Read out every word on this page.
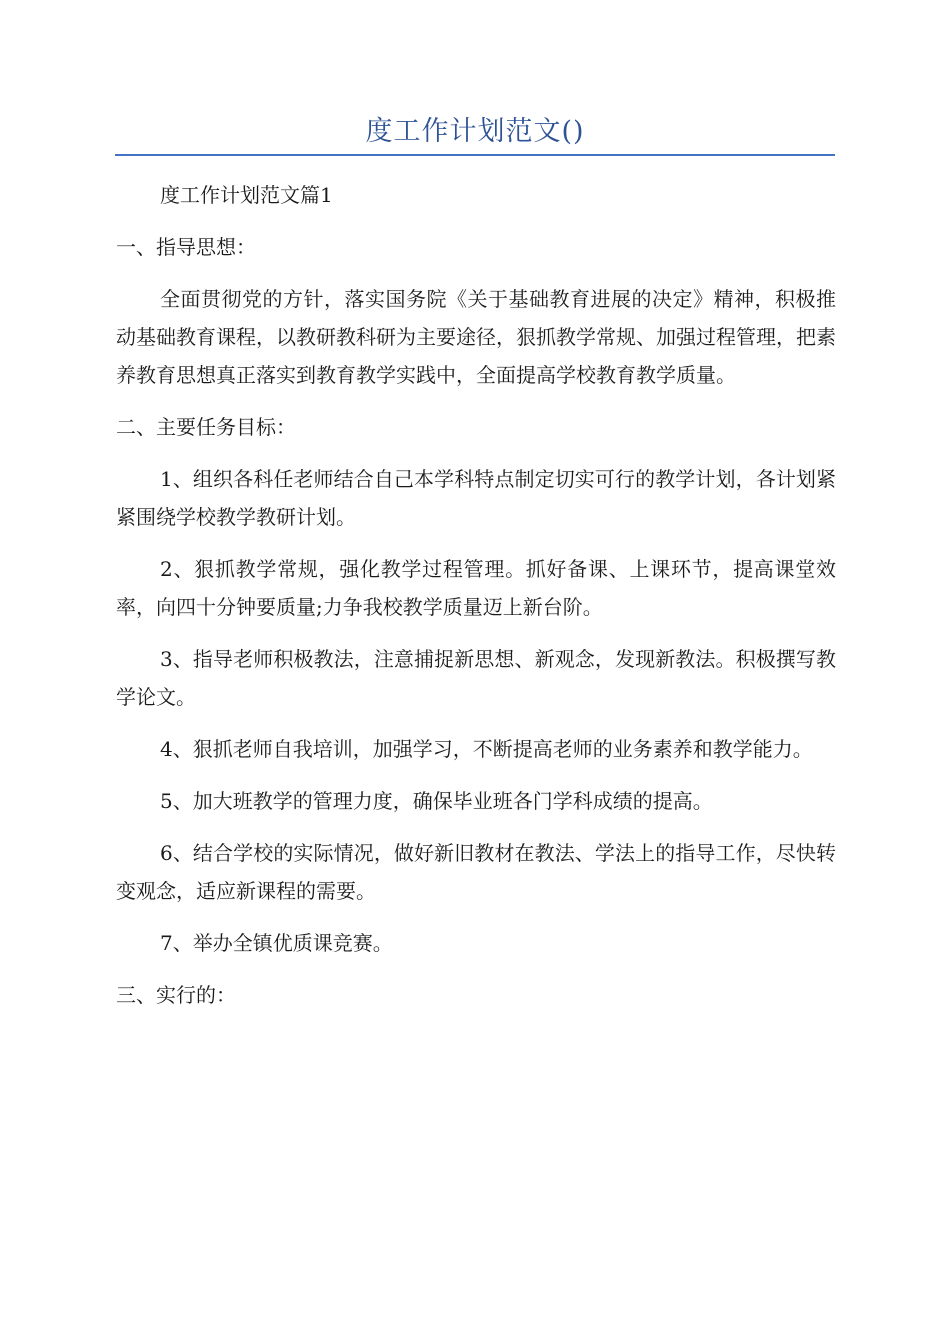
度工作计划范文()

度工作计划范文篇1

一、指导思想：

全面贯彻党的方针，落实国务院《关于基础教育进展的决定》精神，积极推动基础教育课程，以教研教科研为主要途径，狠抓教学常规、加强过程管理，把素养教育思想真正落实到教育教学实践中，全面提高学校教育教学质量。

二、主要任务目标：

1、组织各科任老师结合自己本学科特点制定切实可行的教学计划，各计划紧紧围绕学校教学教研计划。

2、狠抓教学常规，强化教学过程管理。抓好备课、上课环节，提高课堂效率，向四十分钟要质量;力争我校教学质量迈上新台阶。

3、指导老师积极教法，注意捕捉新思想、新观念，发现新教法。积极撰写教学论文。

4、狠抓老师自我培训，加强学习，不断提高老师的业务素养和教学能力。

5、加大班教学的管理力度，确保毕业班各门学科成绩的提高。

6、结合学校的实际情况，做好新旧教材在教法、学法上的指导工作，尽快转变观念，适应新课程的需要。

7、举办全镇优质课竞赛。

三、实行的：
